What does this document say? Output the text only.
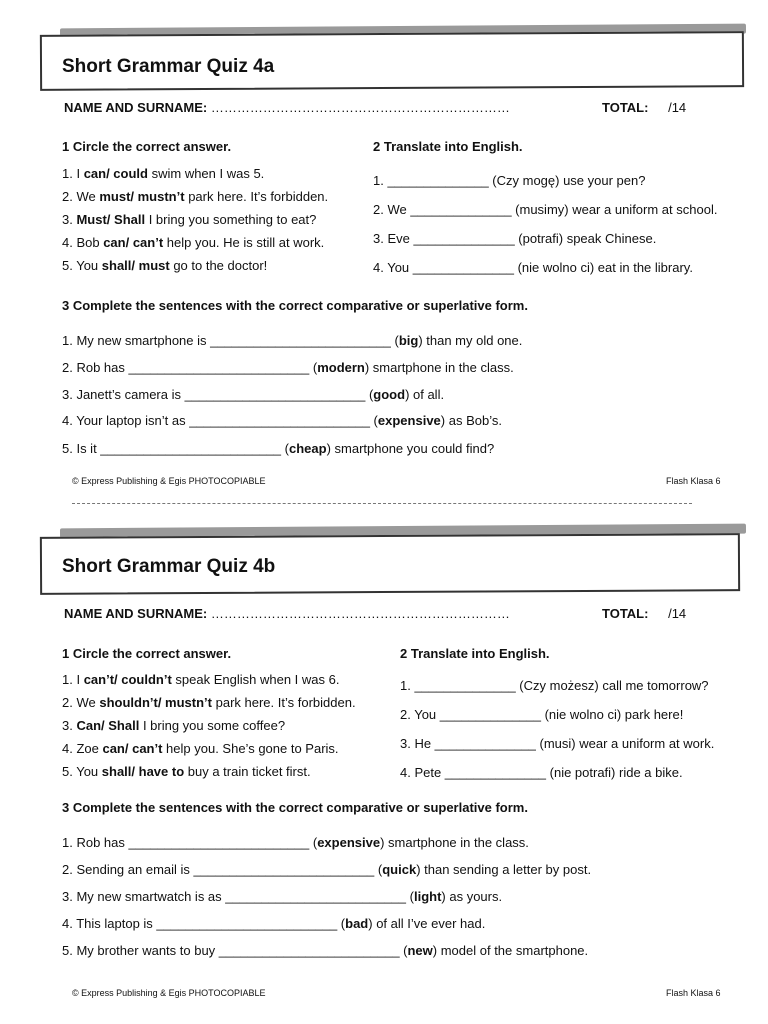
Short Grammar Quiz 4a
NAME AND SURNAME: ……………………………………………………………	TOTAL: /14
1 Circle the correct answer.	2 Translate into English.
1. I can/ could swim when I was 5.
2. We must/ mustn’t park here. It’s forbidden.
3. Must/ Shall I bring you something to eat?
4. Bob can/ can’t help you. He is still at work.
5. You shall/ must go to the doctor!
1. ______________ (Czy mogę) use your pen?
2. We ______________ (musimy) wear a uniform at school.
3. Eve ______________ (potrafi) speak Chinese.
4. You ______________ (nie wolno ci) eat in the library.
3 Complete the sentences with the correct comparative or superlative form.
1. My new smartphone is _________________________ (big) than my old one.
2. Rob has _________________________ (modern) smartphone in the class.
3. Janett’s camera is _________________________ (good) of all.
4. Your laptop isn’t as _________________________ (expensive) as Bob’s.
5. Is it _________________________ (cheap) smartphone you could find?
© Express Publishing & Egis PHOTOCOPIABLE	Flash Klasa 6
Short Grammar Quiz 4b
NAME AND SURNAME: ……………………………………………………………	TOTAL: /14
1 Circle the correct answer.	2 Translate into English.
1. I can’t/ couldn’t speak English when I was 6.
2. We shouldn’t/ mustn’t park here. It’s forbidden.
3. Can/ Shall I bring you some coffee?
4. Zoe can/ can’t help you. She’s gone to Paris.
5. You shall/ have to buy a train ticket first.
1. ______________ (Czy możesz) call me tomorrow?
2. You ______________ (nie wolno ci) park here!
3. He ______________ (musi) wear a uniform at work.
4. Pete ______________ (nie potrafi) ride a bike.
3 Complete the sentences with the correct comparative or superlative form.
1. Rob has _________________________ (expensive) smartphone in the class.
2. Sending an email is _________________________ (quick) than sending a letter by post.
3. My new smartwatch is as _________________________ (light) as yours.
4. This laptop is _________________________ (bad) of all I’ve ever had.
5. My brother wants to buy _________________________ (new) model of the smartphone.
© Express Publishing & Egis PHOTOCOPIABLE	Flash Klasa 6
